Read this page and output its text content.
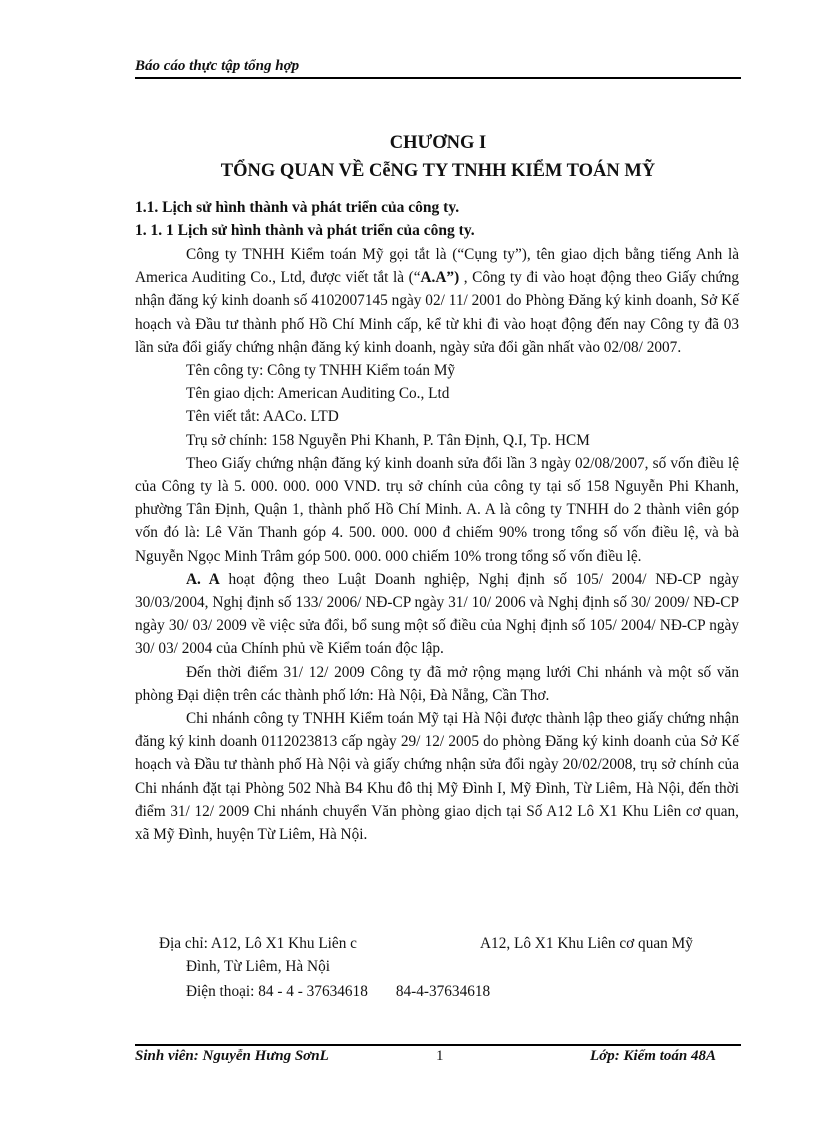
Báo cáo thực tập tổng hợp
CHƯƠNG I
TỔNG QUAN VỀ CễNG TY TNHH KIỂM TOÁN MỸ
1.1. Lịch sử hình thành và phát triển của công ty.
1. 1. 1 Lịch sử hình thành và phát triển của công ty.

Công ty TNHH Kiểm toán Mỹ gọi tắt là (“Cụng ty”), tên giao dịch bằng tiếng Anh là America Auditing Co., Ltd, được viết tắt là (“A.A”) , Công ty đi vào hoạt động theo Giấy chứng nhận đăng ký kinh doanh số 4102007145 ngày 02/ 11/ 2001 do Phòng Đăng ký kinh doanh, Sở Kế hoạch và Đầu tư thành phố Hồ Chí Minh cấp, kể từ khi đi vào hoạt động đến nay Công ty đã 03 lần sửa đổi giấy chứng nhận đăng ký kinh doanh, ngày sửa đổi gần nhất vào 02/08/ 2007.

Tên công ty: Công ty TNHH Kiểm toán Mỹ

Tên giao dịch: American Auditing Co., Ltd

Tên viết tắt: AACo. LTD

Trụ sở chính: 158 Nguyễn Phi Khanh, P. Tân Định, Q.I, Tp. HCM

Theo Giấy chứng nhận đăng ký kinh doanh sửa đổi lần 3 ngày 02/08/2007, số vốn điều lệ của Công ty là 5. 000. 000. 000 VND. trụ sở chính của công ty tại số 158 Nguyễn Phi Khanh, phường Tân Định, Quận 1, thành phố Hồ Chí Minh. A. A là công ty TNHH do 2 thành viên góp vốn đó là: Lê Văn Thanh góp 4. 500. 000. 000 đ chiếm 90% trong tổng số vốn điều lệ, và bà Nguyễn Ngọc Minh Trâm góp 500. 000. 000 chiếm 10% trong tổng số vốn điều lệ.

A. A hoạt động theo Luật Doanh nghiệp, Nghị định số 105/ 2004/ NĐ-CP ngày 30/03/2004, Nghị định số 133/ 2006/ NĐ-CP ngày 31/ 10/ 2006 và Nghị định số 30/ 2009/ NĐ-CP ngày 30/ 03/ 2009 về việc sửa đổi, bổ sung một số điều của Nghị định số 105/ 2004/ NĐ-CP ngày 30/ 03/ 2004 của Chính phủ về Kiểm toán độc lập.

Đến thời điểm 31/ 12/ 2009 Công ty đã mở rộng mạng lưới Chi nhánh và một số văn phòng Đại diện trên các thành phố lớn: Hà Nội, Đà Nẵng, Cần Thơ.

Chi nhánh công ty TNHH Kiểm toán Mỹ tại Hà Nội được thành lập theo giấy chứng nhận đăng ký kinh doanh 0112023813 cấp ngày 29/ 12/ 2005 do phòng Đăng ký kinh doanh của Sở Kế hoạch và Đầu tư thành phố Hà Nội và giấy chứng nhận sửa đổi ngày 20/02/2008, trụ sở chính của Chi nhánh đặt tại Phòng 502 Nhà B4 Khu đô thị Mỹ Đình I, Mỹ Đình, Từ Liêm, Hà Nội, đến thời điểm 31/ 12/ 2009 Chi nhánh chuyển Văn phòng giao dịch tại Số A12 Lô X1 Khu Liên cơ quan, xã Mỹ Đình, huyện Từ Liêm, Hà Nội.

Địa chỉ: A12, Lô X1 Khu Liên c	A12, Lô X1 Khu Liên cơ quan Mỹ
Đình, Từ Liêm, Hà Nội
Điện thoại: 84 - 4 - 37634618 84-4-37634618
Sinh viên: Nguyễn Hưng SơnL	1	Lớp: Kiểm toán 48A
